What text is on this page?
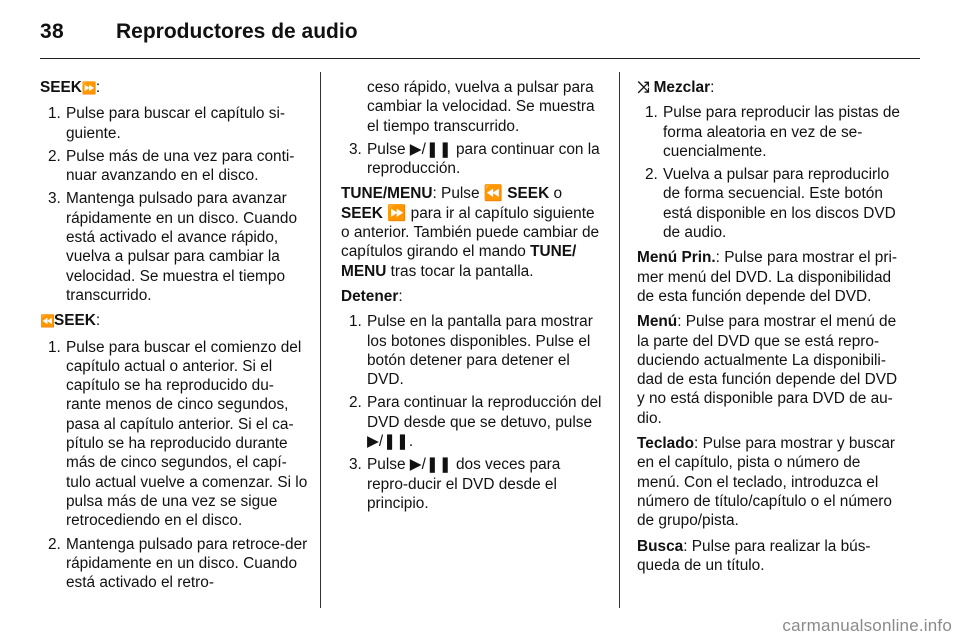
38 Reproductores de audio

SEEK⏩:

1. Pulse para buscar el capítulo si-guiente.
2. Pulse más de una vez para conti-nuar avanzando en el disco.
3. Mantenga pulsado para avanzar rápidamente en un disco. Cuando está activado el avance rápido, vuelva a pulsar para cambiar la velocidad. Se muestra el tiempo transcurrido.

⏪SEEK:

1. Pulse para buscar el comienzo del capítulo actual o anterior. Si el capítulo se ha reproducido du-rante menos de cinco segundos, pasa al capítulo anterior. Si el ca-pítulo se ha reproducido durante más de cinco segundos, el capí-tulo actual vuelve a comenzar. Si lo pulsa más de una vez se sigue retrocediendo en el disco.
2. Mantenga pulsado para retroce-der rápidamente en un disco. Cuando está activado el retro-
ceso rápido, vuelva a pulsar para cambiar la velocidad. Se muestra el tiempo transcurrido.
3. Pulse ▶/❚❚ para continuar con la reproducción.

TUNE/MENU: Pulse ⏪ SEEK o SEEK ⏩ para ir al capítulo siguiente o anterior. También puede cambiar de capítulos girando el mando TUNE/ MENU tras tocar la pantalla.

Detener:

1. Pulse en la pantalla para mostrar los botones disponibles. Pulse el botón detener para detener el DVD.
2. Para continuar la reproducción del DVD desde que se detuvo, pulse ▶/❚❚.
3. Pulse ▶/❚❚ dos veces para repro-ducir el DVD desde el principio.

⤨ Mezclar:

1. Pulse para reproducir las pistas de forma aleatoria en vez de se-cuencialmente.
2. Vuelva a pulsar para reproducirlo de forma secuencial. Este botón está disponible en los discos DVD de audio.

Menú Prin.: Pulse para mostrar el pri-mer menú del DVD. La disponibilidad de esta función depende del DVD.

Menú: Pulse para mostrar el menú de la parte del DVD que se está repro-duciendo actualmente La disponibili-dad de esta función depende del DVD y no está disponible para DVD de au-dio.

Teclado: Pulse para mostrar y buscar en el capítulo, pista o número de menú. Con el teclado, introduzca el número de título/capítulo o el número de grupo/pista.

Busca: Pulse para realizar la bús-queda de un título.

carmanualsonline.info
